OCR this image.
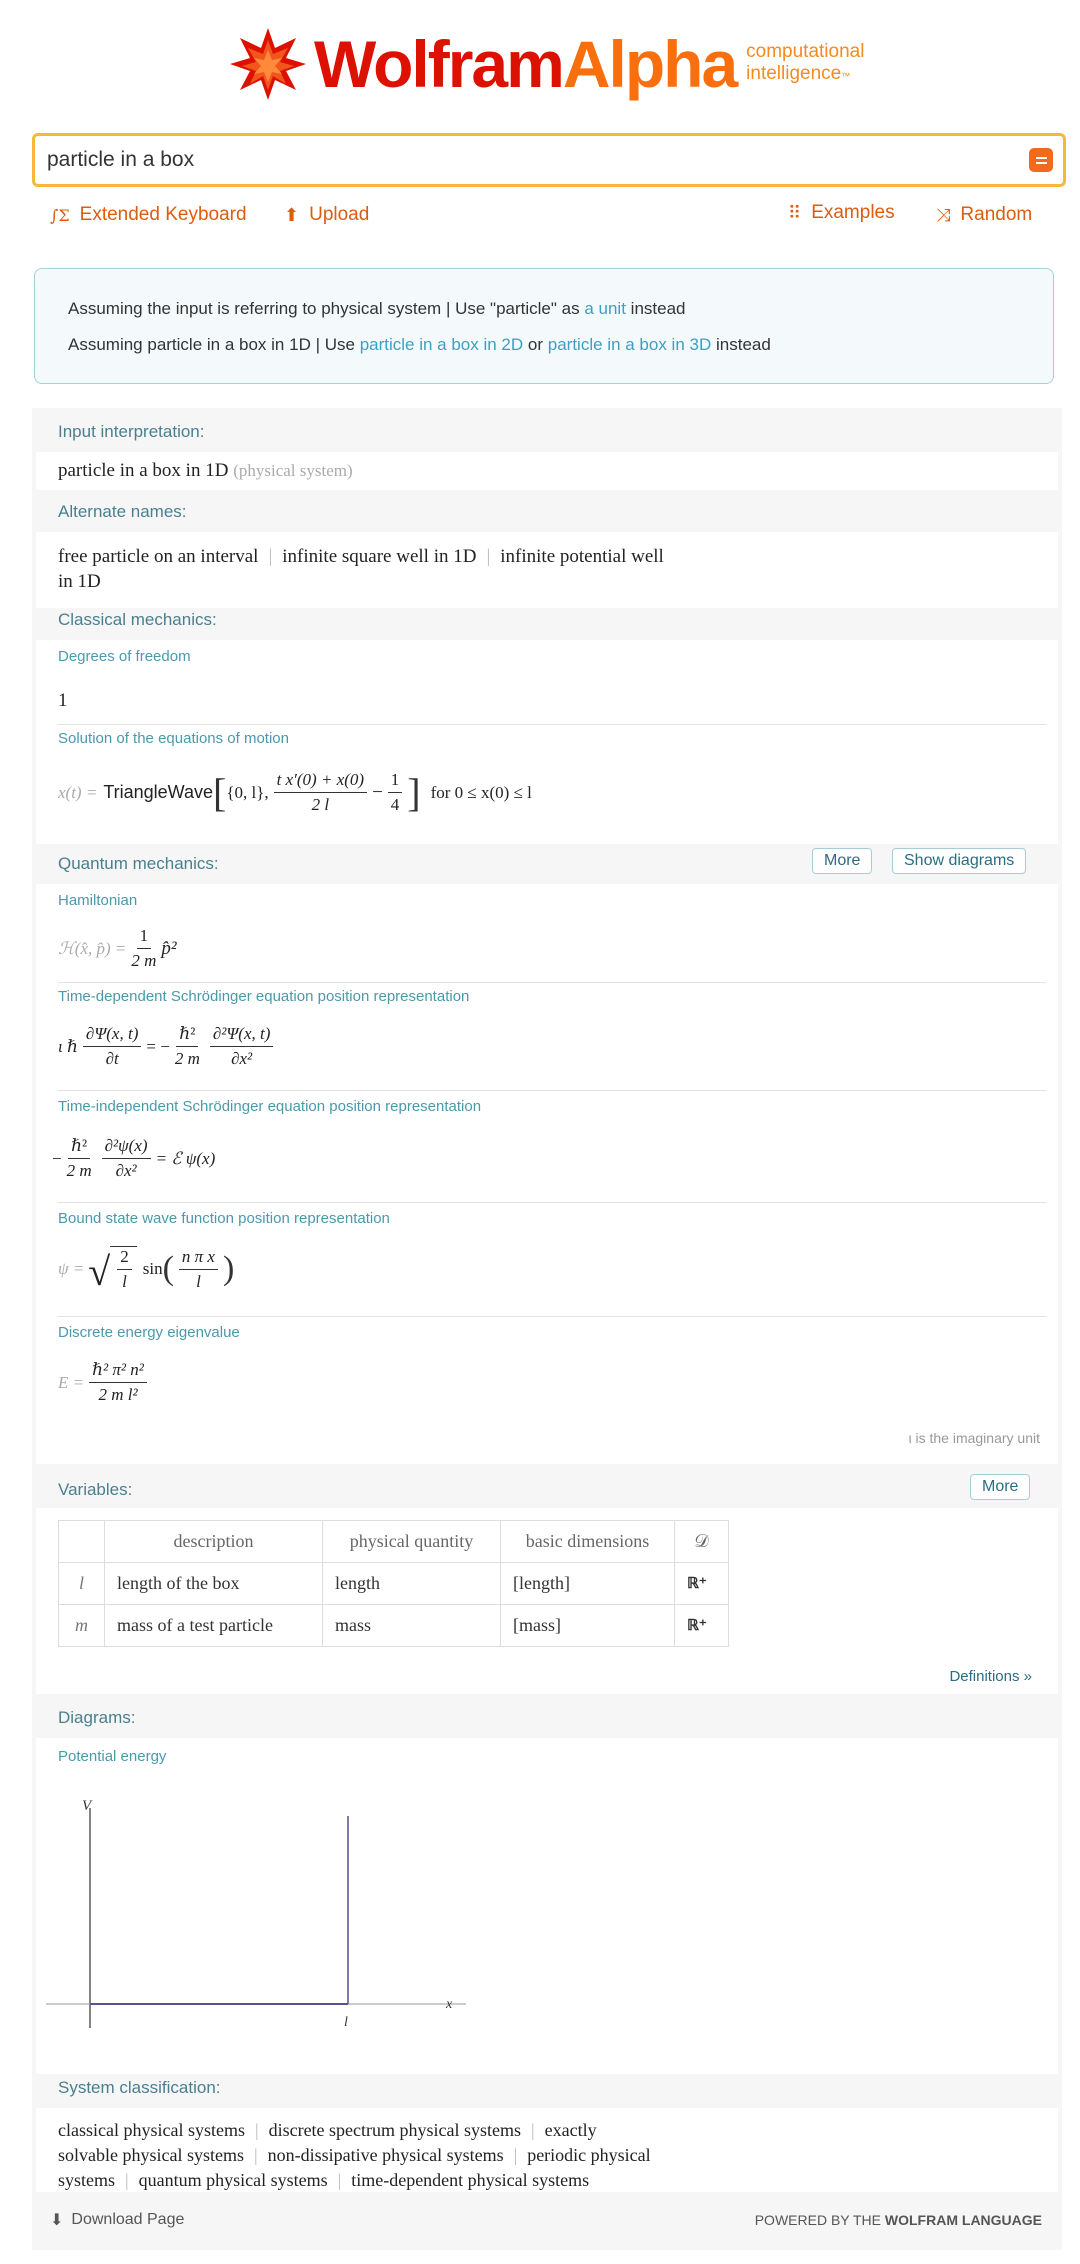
WolframAlpha computational
intelligence™
particle in a box
∫Σ Extended Keyboard ⬆ Upload	⠿ Examples ⤨ Random

Assuming the input is referring to physical system | Use "particle" as a unit instead

Assuming particle in a box in 1D | Use particle in a box in 2D or particle in a box in 3D instead

Input interpretation:
particle in a box in 1D (physical system)
Alternate names:
free particle on an interval | infinite square well in 1D | infinite potential well
in 1D
Classical mechanics:
Degrees of freedom
1
Solution of the equations of motion
x(t) = TriangleWave [ {0, l}, $\frac{\text{t x′(0) + x(0)}}{2 l} - \frac{1}{4}$ ] for 0 ≤ x(0) ≤ l
Quantum mechanics:	More	Show diagrams
Hamiltonian
ℋ(x̂, p̂) = $\frac{1}{2 m}$ p̂²
Time-dependent Schrödinger equation position representation
ι ℏ $\frac{\partial\Psi(x, t)}{\partial t}$ = − $\frac{\text{ℏ²}}{2 m} \frac{\text{∂²Ψ(x, t)}}{\text{∂x²}}$
Time-independent Schrödinger equation position representation
− $\frac{\text{ℏ²}}{2 m} \frac{\text{∂²ψ(x)}}{\text{∂x²}}$ = ℰ ψ(x)
Bound state wave function position representation
ψ = √ $\frac{2}{l}$ sin ( $\frac{\text{n π x}}{l}$ )
Discrete energy eigenvalue
$E = \frac{\text{ℏ² π² n²}}{\text{2 m l²}}$
ι is the imaginary unit
Variables:	More
	description	physical quantity	basic dimensions	𝒟
l	length of the box	length	[length]	ℝ⁺
m	mass of a test particle	mass	[mass]	ℝ⁺
Definitions »
Diagrams:
Potential energy
V
x
l
System classification:
classical physical systems | discrete spectrum physical systems | exactly
solvable physical systems | non-dissipative physical systems | periodic physical
systems | quantum physical systems | time-dependent physical systems
⬇ Download Page	POWERED BY THE WOLFRAM LANGUAGE
